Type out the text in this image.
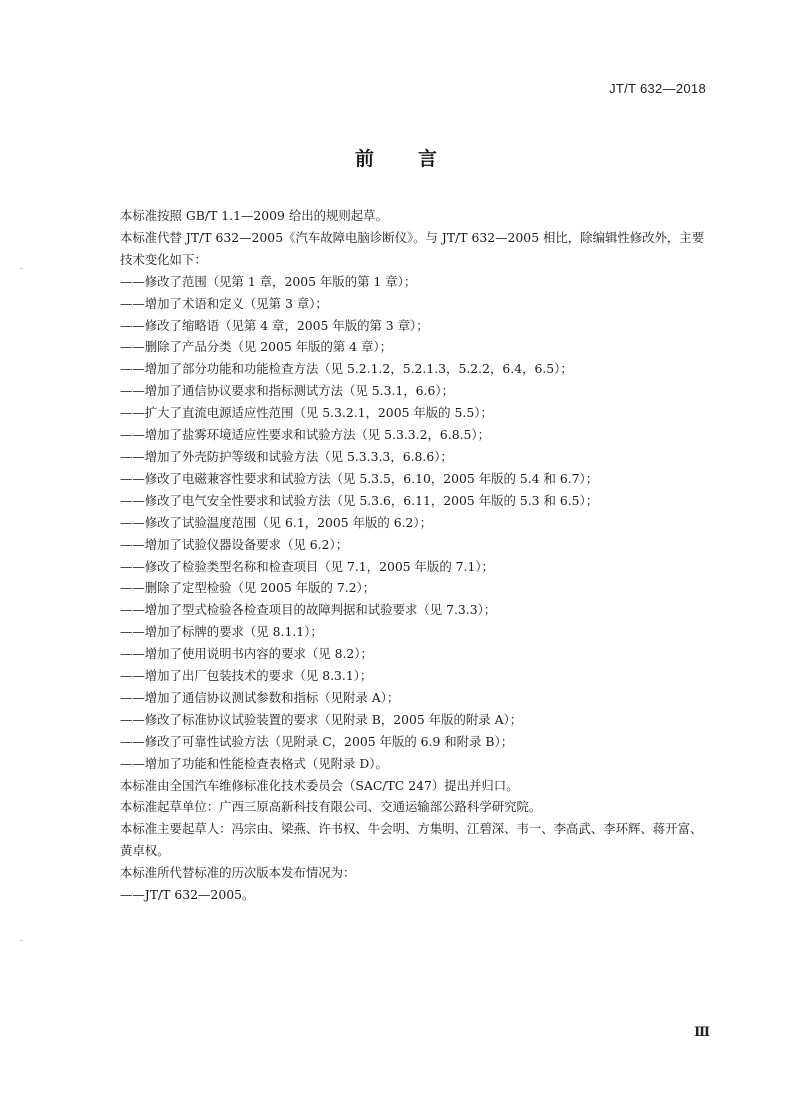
JT/T 632—2018
前 言
本标准按照 GB/T 1.1—2009 给出的规则起草。
本标准代替 JT/T 632—2005《汽车故障电脑诊断仪》。与 JT/T 632—2005 相比，除编辑性修改外，主要技术变化如下：
——修改了范围（见第 1 章，2005 年版的第 1 章）；
——增加了术语和定义（见第 3 章）；
——修改了缩略语（见第 4 章，2005 年版的第 3 章）；
——删除了产品分类（见 2005 年版的第 4 章）；
——增加了部分功能和功能检查方法（见 5.2.1.2，5.2.1.3，5.2.2，6.4，6.5）；
——增加了通信协议要求和指标测试方法（见 5.3.1，6.6）；
——扩大了直流电源适应性范围（见 5.3.2.1，2005 年版的 5.5）；
——增加了盐雾环境适应性要求和试验方法（见 5.3.3.2，6.8.5）；
——增加了外壳防护等级和试验方法（见 5.3.3.3，6.8.6）；
——修改了电磁兼容性要求和试验方法（见 5.3.5，6.10，2005 年版的 5.4 和 6.7）；
——修改了电气安全性要求和试验方法（见 5.3.6，6.11，2005 年版的 5.3 和 6.5）；
——修改了试验温度范围（见 6.1，2005 年版的 6.2）；
——增加了试验仪器设备要求（见 6.2）；
——修改了检验类型名称和检查项目（见 7.1，2005 年版的 7.1）；
——删除了定型检验（见 2005 年版的 7.2）；
——增加了型式检验各检查项目的故障判据和试验要求（见 7.3.3）；
——增加了标牌的要求（见 8.1.1）；
——增加了使用说明书内容的要求（见 8.2）；
——增加了出厂包装技术的要求（见 8.3.1）；
——增加了通信协议测试参数和指标（见附录 A）；
——修改了标准协议试验装置的要求（见附录 B，2005 年版的附录 A）；
——修改了可靠性试验方法（见附录 C，2005 年版的 6.9 和附录 B）；
——增加了功能和性能检查表格式（见附录 D）。
本标准由全国汽车维修标准化技术委员会（SAC/TC 247）提出并归口。
本标准起草单位：广西三原高新科技有限公司、交通运输部公路科学研究院。
本标准主要起草人：冯宗由、梁燕、许书权、牛会明、方集明、江碧深、韦一、李高武、李环辉、蒋开富、黄卓权。
本标准所代替标准的历次版本发布情况为：
——JT/T 632—2005。
Ⅲ
